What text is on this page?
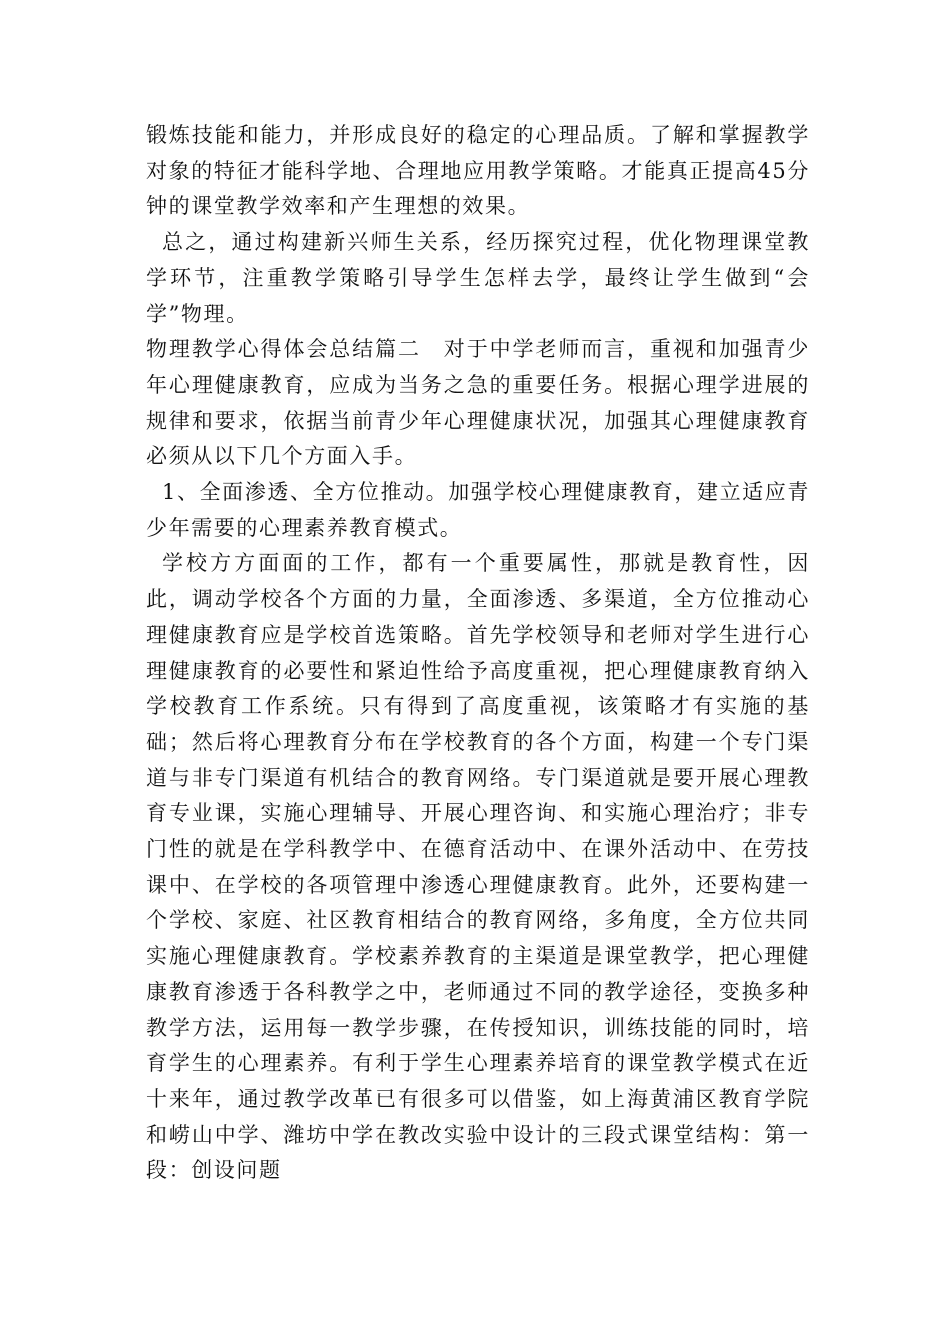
锻炼技能和能力，并形成良好的稳定的心理品质。了解和掌握教学对象的特征才能科学地、合理地应用教学策略。才能真正提高45分钟的课堂教学效率和产生理想的效果。

总之，通过构建新兴师生关系，经历探究过程，优化物理课堂教学环节，注重教学策略引导学生怎样去学，最终让学生做到“会学”物理。

物理教学心得体会总结篇二　对于中学老师而言，重视和加强青少年心理健康教育，应成为当务之急的重要任务。根据心理学进展的规律和要求，依据当前青少年心理健康状况，加强其心理健康教育必须从以下几个方面入手。

1、全面渗透、全方位推动。加强学校心理健康教育，建立适应青少年需要的心理素养教育模式。

学校方方面面的工作，都有一个重要属性，那就是教育性，因此，调动学校各个方面的力量，全面渗透、多渠道，全方位推动心理健康教育应是学校首选策略。首先学校领导和老师对学生进行心理健康教育的必要性和紧迫性给予高度重视，把心理健康教育纳入学校教育工作系统。只有得到了高度重视，该策略才有实施的基础；然后将心理教育分布在学校教育的各个方面，构建一个专门渠道与非专门渠道有机结合的教育网络。专门渠道就是要开展心理教育专业课，实施心理辅导、开展心理咨询、和实施心理治疗；非专门性的就是在学科教学中、在德育活动中、在课外活动中、在劳技课中、在学校的各项管理中渗透心理健康教育。此外，还要构建一个学校、家庭、社区教育相结合的教育网络，多角度，全方位共同实施心理健康教育。学校素养教育的主渠道是课堂教学，把心理健康教育渗透于各科教学之中，老师通过不同的教学途径，变换多种教学方法，运用每一教学步骤，在传授知识，训练技能的同时，培育学生的心理素养。有利于学生心理素养培育的课堂教学模式在近十来年，通过教学改革已有很多可以借鉴，如上海黄浦区教育学院和崂山中学、潍坊中学在教改实验中设计的三段式课堂结构：第一段：创设问题
